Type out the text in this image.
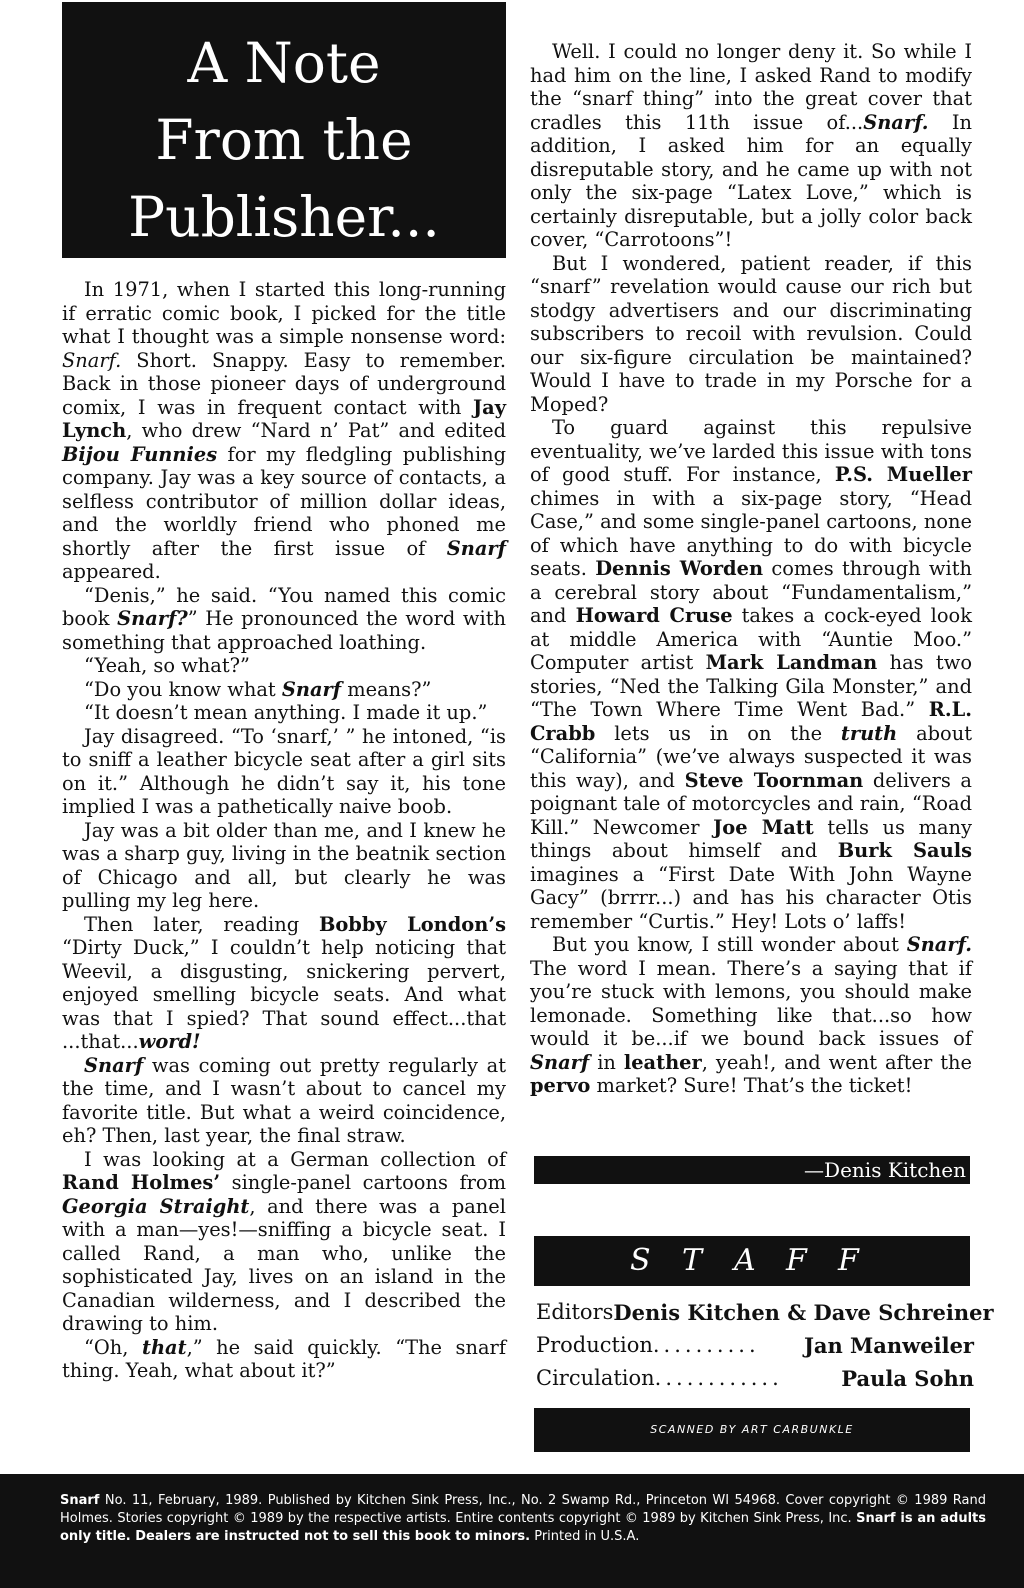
A Note
From the
Publisher...

In 1971, when I started this long-running if erratic comic book, I picked for the title what I thought was a simple nonsense word: Snarf. Short. Snappy. Easy to remember. Back in those pioneer days of underground comix, I was in frequent contact with Jay Lynch, who drew “Nard n’ Pat” and edited Bijou Funnies for my fledgling publishing company. Jay was a key source of contacts, a selfless contributor of million dollar ideas, and the worldly friend who phoned me shortly after the first issue of Snarf appeared.

“Denis,” he said. “You named this comic book Snarf?” He pronounced the word with something that approached loathing.

“Yeah, so what?”

“Do you know what Snarf means?”

“It doesn’t mean anything. I made it up.”

Jay disagreed. “To ‘snarf,’ ” he intoned, “is to sniff a leather bicycle seat after a girl sits on it.” Although he didn’t say it, his tone implied I was a pathetically naive boob.

Jay was a bit older than me, and I knew he was a sharp guy, living in the beatnik section of Chicago and all, but clearly he was pulling my leg here.

Then later, reading Bobby London’s “Dirty Duck,” I couldn’t help noticing that Weevil, a disgusting, snickering pervert, enjoyed smelling bicycle seats. And what was that I spied? That sound effect...that ...that...word!

Snarf was coming out pretty regularly at the time, and I wasn’t about to cancel my favorite title. But what a weird coincidence, eh? Then, last year, the final straw.

I was looking at a German collection of Rand Holmes’ single-panel cartoons from Georgia Straight, and there was a panel with a man—yes!—sniffing a bicycle seat. I called Rand, a man who, unlike the sophisticated Jay, lives on an island in the Canadian wilderness, and I described the drawing to him.

“Oh, that,” he said quickly. “The snarf thing. Yeah, what about it?”

Well. I could no longer deny it. So while I had him on the line, I asked Rand to modify the “snarf thing” into the great cover that cradles this 11th issue of...Snarf. In addition, I asked him for an equally disreputable story, and he came up with not only the six-page “Latex Love,” which is certainly disreputable, but a jolly color back cover, “Carrotoons”!

But I wondered, patient reader, if this “snarf” revelation would cause our rich but stodgy advertisers and our discriminating subscribers to recoil with revulsion. Could our six-figure circulation be maintained? Would I have to trade in my Porsche for a Moped?

To guard against this repulsive eventuality, we’ve larded this issue with tons of good stuff. For instance, P.S. Mueller chimes in with a six-page story, “Head Case,” and some single-panel cartoons, none of which have anything to do with bicycle seats. Dennis Worden comes through with a cerebral story about “Fundamentalism,” and Howard Cruse takes a cock-eyed look at middle America with “Auntie Moo.” Computer artist Mark Landman has two stories, “Ned the Talking Gila Monster,” and “The Town Where Time Went Bad.” R.L. Crabb lets us in on the truth about “California” (we’ve always suspected it was this way), and Steve Toornman delivers a poignant tale of motorcycles and rain, “Road Kill.” Newcomer Joe Matt tells us many things about himself and Burk Sauls imagines a “First Date With John Wayne Gacy” (brrrr...) and has his character Otis remember “Curtis.” Hey! Lots o’ laffs!

But you know, I still wonder about Snarf. The word I mean. There’s a saying that if you’re stuck with lemons, you should make lemonade. Something like that...so how would it be...if we bound back issues of Snarf in leather, yeah!, and went after the pervo market? Sure! That’s the ticket!

—Denis Kitchen
S T A F F
Editors Denis Kitchen & Dave Schreiner
Production ..........	Jan Manweiler
Circulation ............	Paula Sohn
SCANNED BY ART CARBUNKLE
Snarf No. 11, February, 1989. Published by Kitchen Sink Press, Inc., No. 2 Swamp Rd., Princeton WI 54968. Cover copyright © 1989 Rand Holmes. Stories copyright © 1989 by the respective artists. Entire contents copyright © 1989 by Kitchen Sink Press, Inc. Snarf is an adults only title. Dealers are instructed not to sell this book to minors. Printed in U.S.A.
